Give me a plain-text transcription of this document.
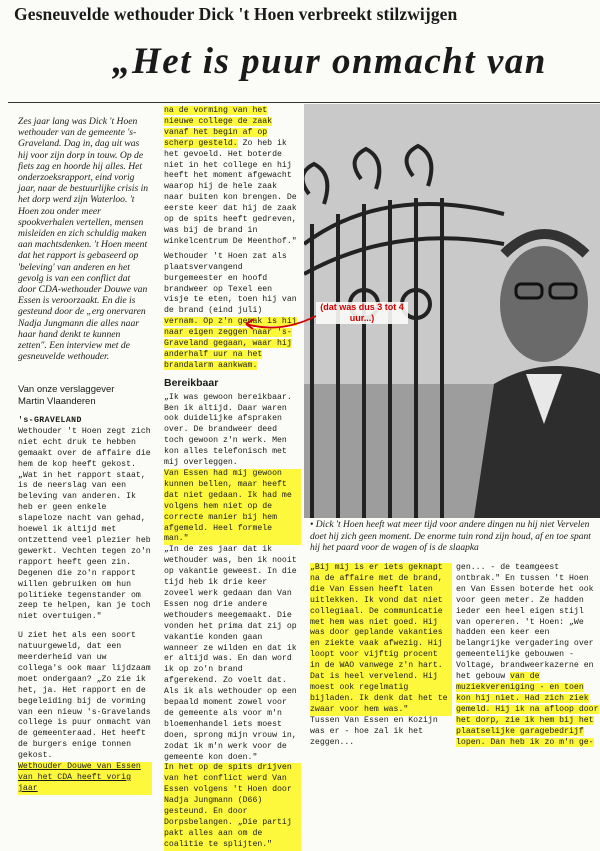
Gesneuvelde wethouder Dick 't Hoen verbreekt stilzwijgen
„Het is puur onmacht van

Zes jaar lang was Dick 't Hoen wethouder van de gemeente 's-Graveland. Dag in, dag uit was hij voor zijn dorp in touw. Op de fiets zag en hoorde hij alles. Het onderzoeksrapport, eind vorig jaar, naar de bestuurlijke crisis in het dorp werd zijn Waterloo. 't Hoen zou onder meer spookverhalen vertellen, mensen misleiden en zich schuldig maken aan machtsdenken. 't Hoen meent dat het rapport is gebaseerd op 'beleving' van anderen en het gevolg is van een conflict dat door CDA-wethouder Douwe van Essen is veroorzaakt. En die is gesteund door de „erg onervaren Nadja Jungmann die alles naar haar hand denkt te kunnen zetten". Een interview met de gesneuvelde wethouder.

Van onze verslaggever
Martin Vlaanderen

's-GRAVELAND

Wethouder 't Hoen zegt zich niet echt druk te hebben gemaakt over de affaire die hem de kop heeft gekost. „Wat in het rapport staat, is de neerslag van een beleving van anderen. Ik heb er geen enkele slapeloze nacht van gehad, hoewel ik altijd met ontzettend veel plezier heb gewerkt. Vechten tegen zo'n rapport heeft geen zin. Degenen die zo'n rapport willen gebruiken om hun politieke tegenstander om zeep te helpen, kan je toch niet overtuigen."

U ziet het als een soort natuurgeweld, dat een meerderheid van uw collega's ook maar lijdzaam moet ondergaan? „Zo zie ik het, ja. Het rapport en de begeleiding bij de vorming van een nieuw 's-Gravelands college is puur onmacht van de gemeenteraad. Het heeft de burgers enige tonnen gekost.

Wethouder Douwe van Essen van het CDA heeft vorig jaar

na de vorming van het nieuwe college de zaak vanaf het begin af op scherp gesteld. Zo heb ik het gevoeld. Het boterde niet in het college en hij heeft het moment afgewacht waarop hij de hele zaak naar buiten kon brengen. De eerste keer dat hij de zaak op de spits heeft gedreven, was bij de brand in winkelcentrum De Meenthof."

Wethouder 't Hoen zat als plaatsvervangend burgemeester en hoofd brandweer op Texel een visje te eten, toen hij van de brand (eind juli) vernam. Op z'n gemak is hij naar eigen zeggen naar 's-Graveland gegaan, waar hij anderhalf uur na het brandalarm aankwam.

Bereikbaar

„Ik was gewoon bereikbaar. Ben ik altijd. Daar waren ook duidelijke afspraken over. De brandweer deed toch gewoon z'n werk. Men kon alles telefonisch met mij overleggen.

Van Essen had mij gewoon kunnen bellen, maar heeft dat niet gedaan. Ik had me volgens hem niet op de correcte manier bij hem afgemeld. Heel formele man."

„In de zes jaar dat ik wethouder was, ben ik nooit op vakantie geweest. In die tijd heb ik drie keer zoveel werk gedaan dan Van Essen nog drie andere wethouders meegemaakt. Die vonden het prima dat zij op vakantie konden gaan wanneer ze wilden en dat ik er altijd was. En dan word ik op zo'n brand afgerekend. Zo voelt dat. Als ik als wethouder op een bepaald moment zowel voor de gemeente als voor m'n bloemenhandel iets moest doen, sprong mijn vrouw in, zodat ik m'n werk voor de gemeente kon doen."

In het op de spits drijven van het conflict werd Van Essen volgens 't Hoen door Nadja Jungmann (D66) gesteund. En door Dorpsbelangen. „Die partij pakt alles aan om de coalitie te splijten."

(dat was dus 3 tot 4 uur...)
• Dick 't Hoen heeft wat meer tijd voor andere dingen nu hij niet Vervelen doet hij zich geen moment. De enorme tuin rond zijn houd, af en toe spant hij het paard voor de wagen of is de slaapka

„Bij mij is er iets geknapt na de affaire met de brand, die Van Essen heeft laten uitlekken. Ik vond dat niet collegiaal. De communicatie met hem was niet goed. Hij was door geplande vakanties en ziekte vaak afwezig. Hij loopt voor vijftig procent in de WAO vanwege z'n hart. Dat is heel vervelend. Hij moest ook regelmatig bijladen. Ik denk dat het te zwaar voor hem was."

Tussen Van Essen en Kozijn was er - hoe zal ik het zeggen...

gen... - de teamgeest ontbrak." En tussen 't Hoen en Van Essen boterde het ook voor geen meter. Ze hadden ieder een heel eigen stijl van opereren. 't Hoen: „We hadden een keer een belangrijke vergadering over gemeentelijke gebouwen - Voltage, brandweerkazerne en het gebouw van de muziekvereniging - en toen kon hij niet. Had zich ziek gemeld. Hij ik na afloop door het dorp, zie ik hem bij het plaatselijke garagebedrijf lopen. Dan heb ik zo m'n ge-
